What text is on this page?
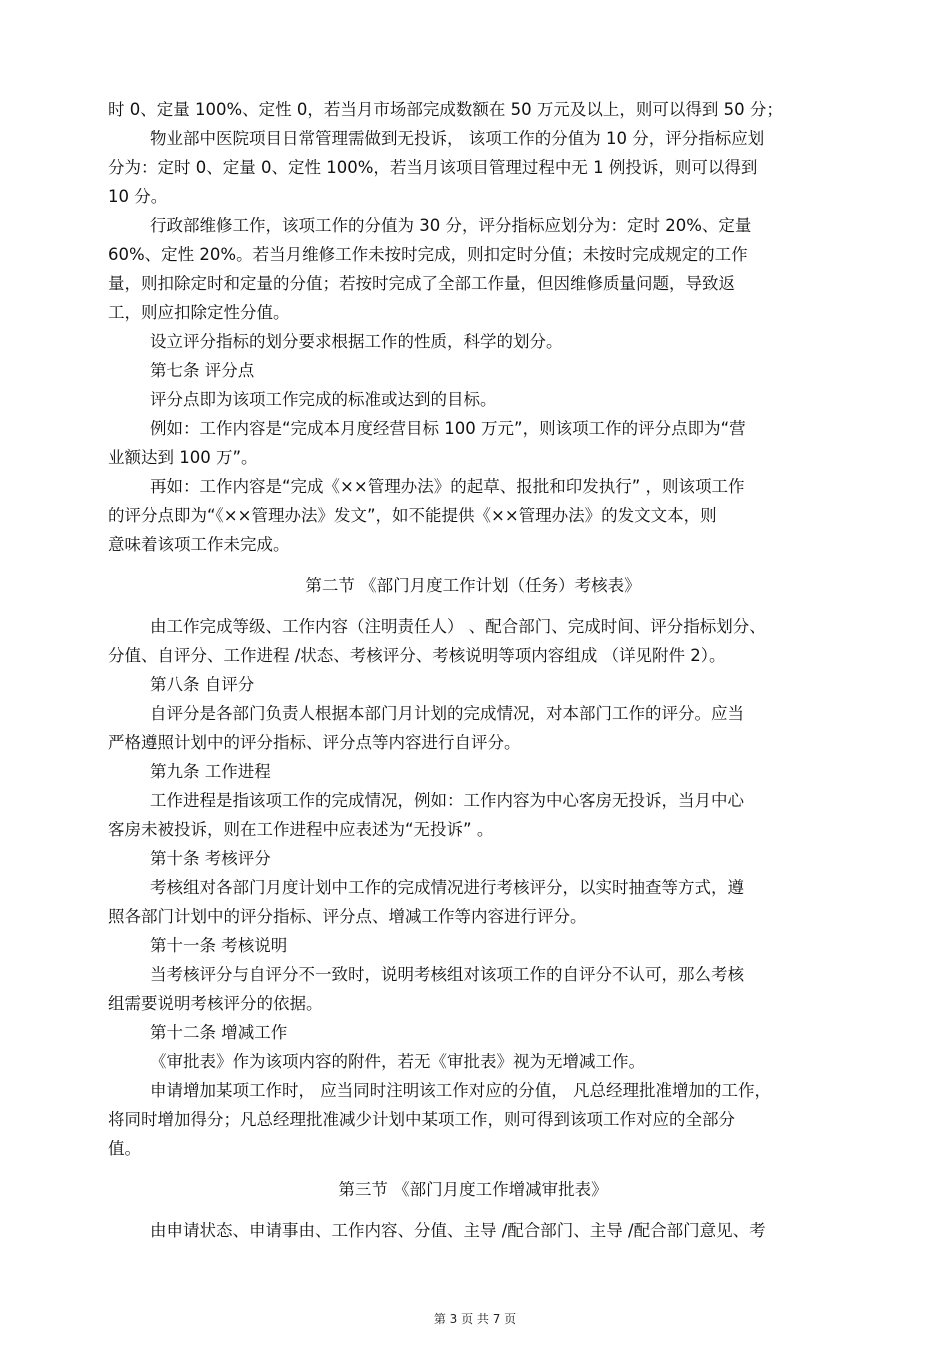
时 0、定量 100%、定性 0，若当月市场部完成数额在 50 万元及以上，则可以得到 50 分；
物业部中医院项目日常管理需做到无投诉， 该项工作的分值为 10 分，评分指标应划
分为：定时 0、定量 0、定性 100%，若当月该项目管理过程中无 1 例投诉，则可以得到
10 分。
行政部维修工作，该项工作的分值为 30 分，评分指标应划分为：定时 20%、定量
60%、定性 20%。若当月维修工作未按时完成，则扣定时分值；未按时完成规定的工作
量，则扣除定时和定量的分值；若按时完成了全部工作量，但因维修质量问题，导致返
工，则应扣除定性分值。
设立评分指标的划分要求根据工作的性质，科学的划分。
第七条 评分点
评分点即为该项工作完成的标准或达到的目标。
例如：工作内容是“完成本月度经营目标 100 万元”，则该项工作的评分点即为“营
业额达到 100 万”。
再如：工作内容是“完成《××管理办法》的起草、报批和印发执行” ，则该项工作
的评分点即为“《××管理办法》发文”，如不能提供《××管理办法》的发文文本，则
意味着该项工作未完成。
第二节 《部门月度工作计划（任务）考核表》
由工作完成等级、工作内容（注明责任人） 、配合部门、完成时间、评分指标划分、
分值、自评分、工作进程 /状态、考核评分、考核说明等项内容组成 （详见附件 2）。
第八条 自评分
自评分是各部门负责人根据本部门月计划的完成情况，对本部门工作的评分。应当
严格遵照计划中的评分指标、评分点等内容进行自评分。
第九条 工作进程
工作进程是指该项工作的完成情况，例如：工作内容为中心客房无投诉，当月中心
客房未被投诉，则在工作进程中应表述为“无投诉” 。
第十条 考核评分
考核组对各部门月度计划中工作的完成情况进行考核评分，以实时抽查等方式，遵
照各部门计划中的评分指标、评分点、增减工作等内容进行评分。
第十一条 考核说明
当考核评分与自评分不一致时，说明考核组对该项工作的自评分不认可，那么考核
组需要说明考核评分的依据。
第十二条 增减工作
《审批表》作为该项内容的附件，若无《审批表》视为无增减工作。
申请增加某项工作时， 应当同时注明该工作对应的分值， 凡总经理批准增加的工作，
将同时增加得分；凡总经理批准减少计划中某项工作，则可得到该项工作对应的全部分
值。
第三节 《部门月度工作增减审批表》
由申请状态、申请事由、工作内容、分值、主导 /配合部门、主导 /配合部门意见、考
第 3 页 共 7 页
